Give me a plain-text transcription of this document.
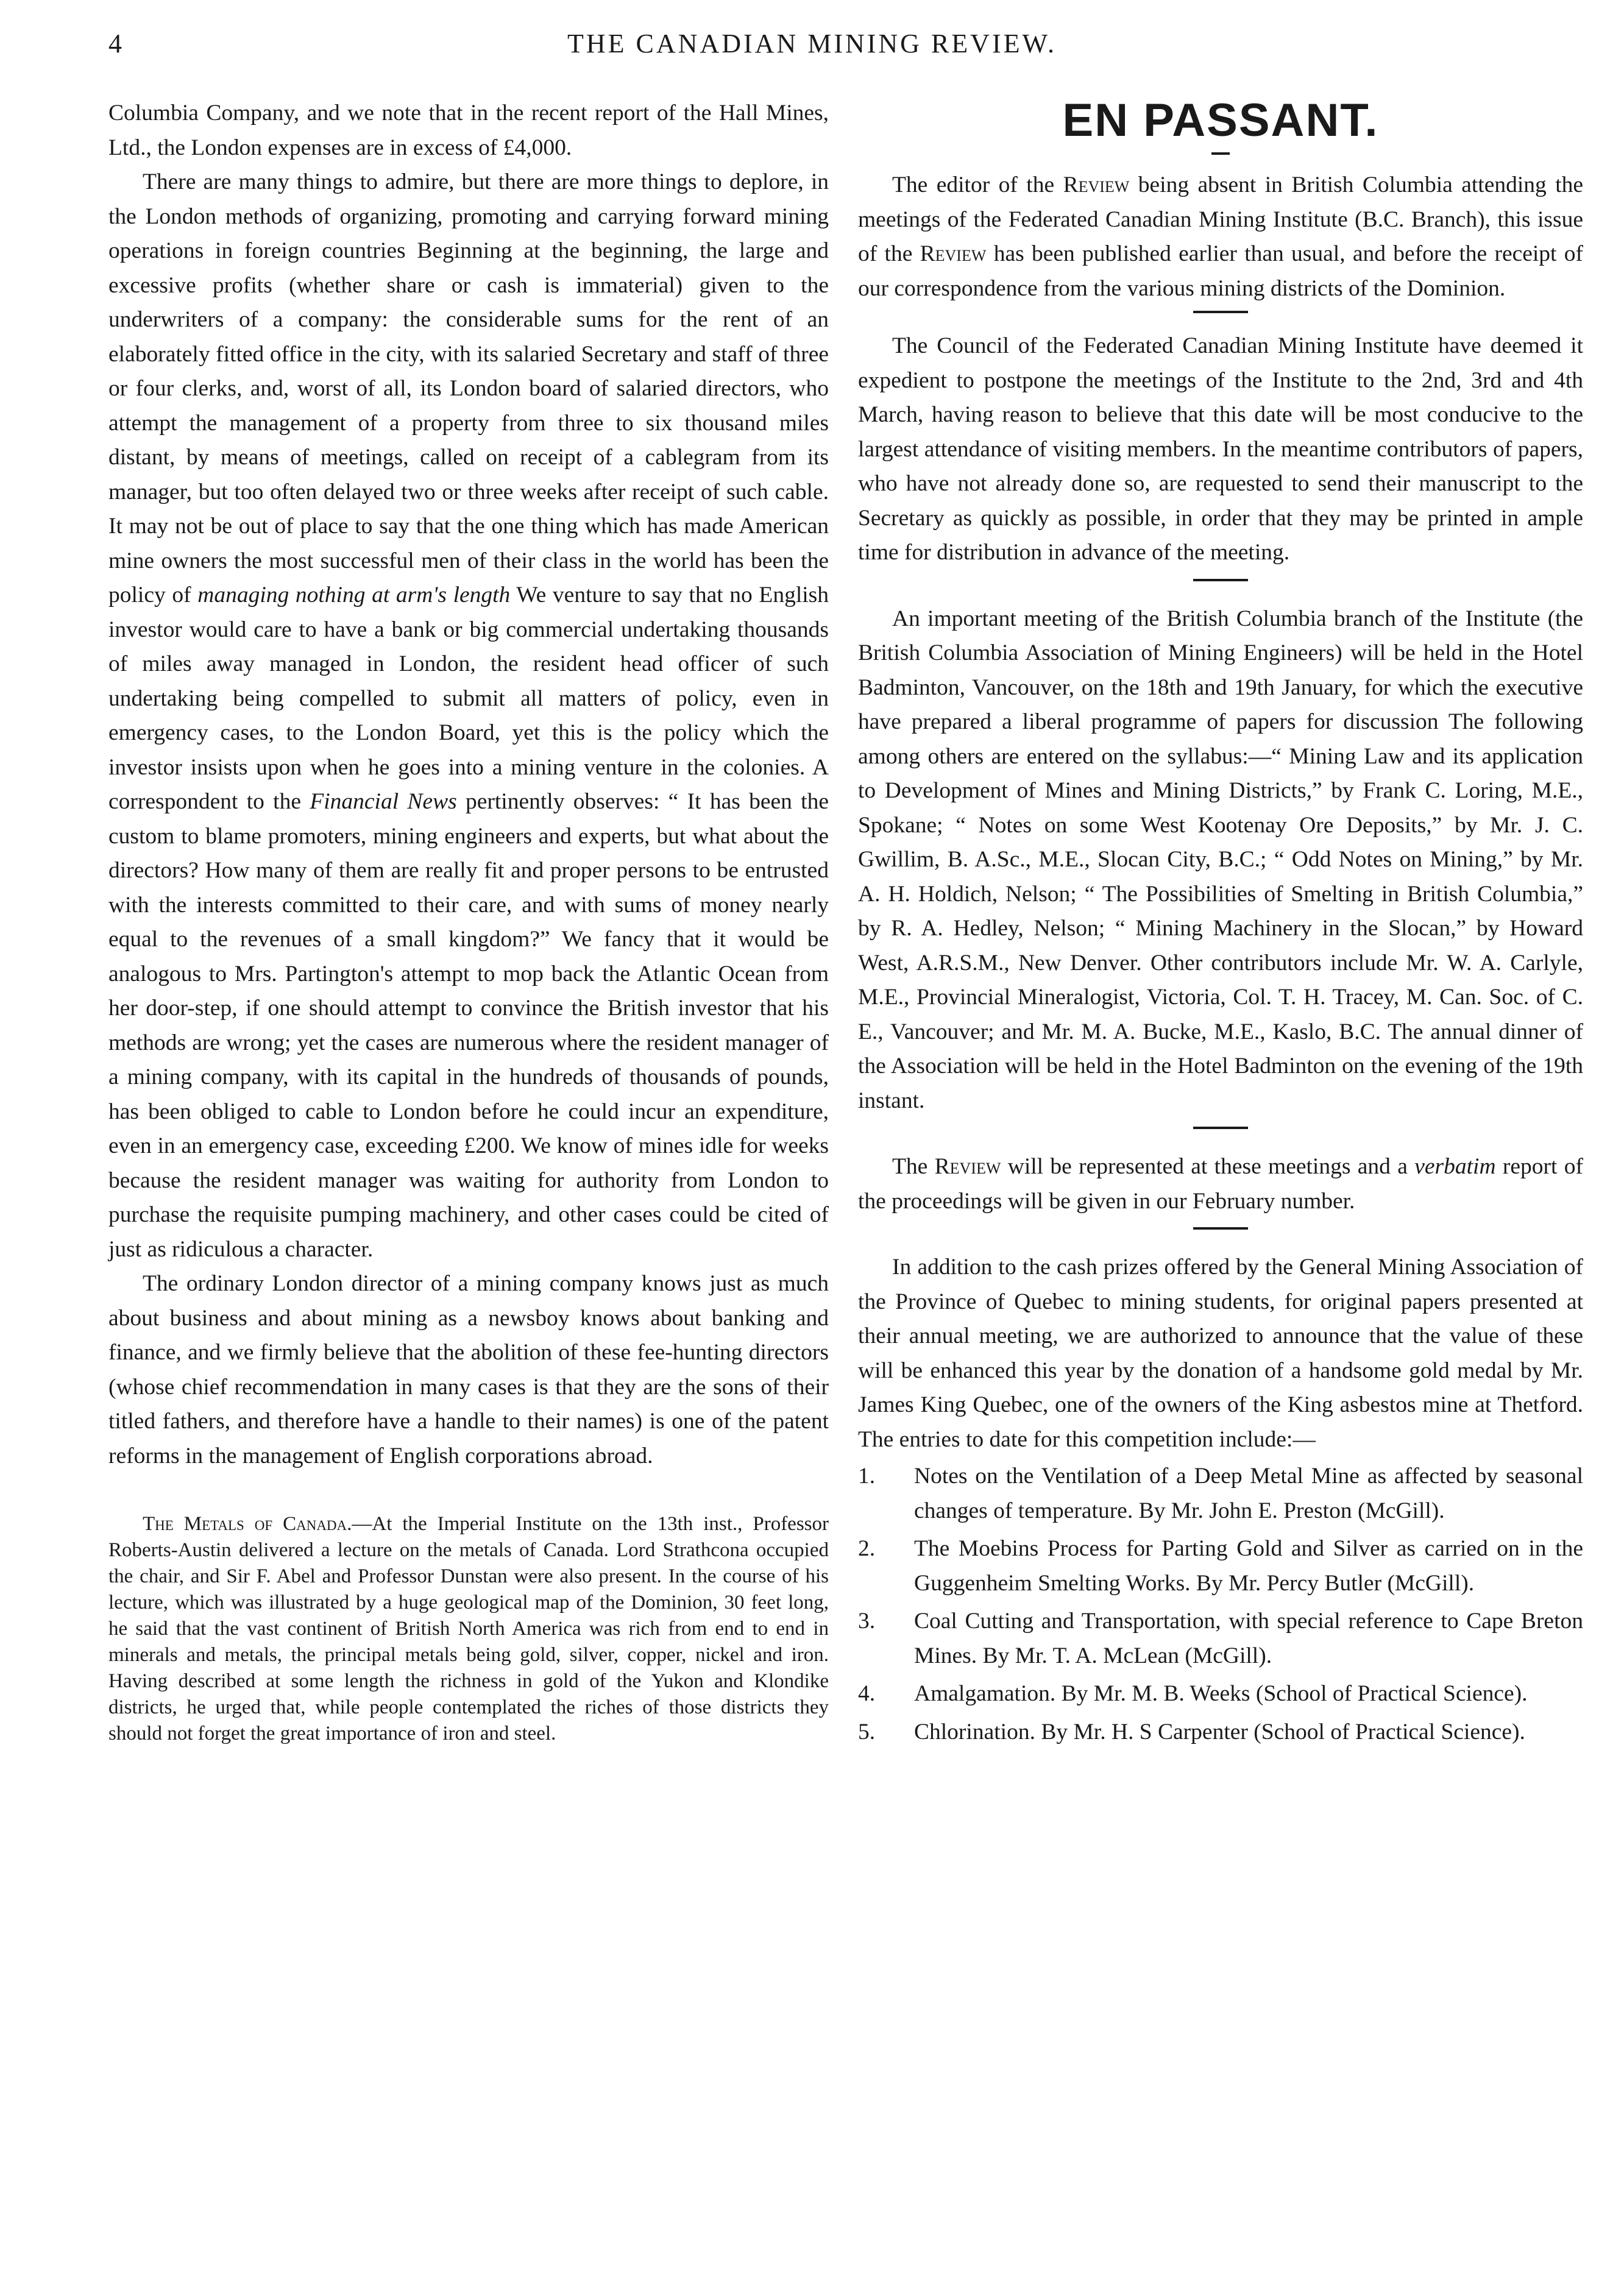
4	THE CANADIAN MINING REVIEW.

Columbia Company, and we note that in the recent report of the Hall Mines, Ltd., the London expenses are in excess of £4,000.

There are many things to admire, but there are more things to deplore, in the London methods of organizing, promoting and carrying forward mining operations in foreign countries Beginning at the beginning, the large and excessive profits (whether share or cash is immaterial) given to the underwriters of a company: the considerable sums for the rent of an elaborately fitted office in the city, with its salaried Secretary and staff of three or four clerks, and, worst of all, its London board of salaried directors, who attempt the management of a property from three to six thousand miles distant, by means of meetings, called on receipt of a cablegram from its manager, but too often delayed two or three weeks after receipt of such cable. It may not be out of place to say that the one thing which has made American mine owners the most successful men of their class in the world has been the policy of managing nothing at arm's length We venture to say that no English investor would care to have a bank or big commercial undertaking thousands of miles away managed in London, the resident head officer of such undertaking being compelled to submit all matters of policy, even in emergency cases, to the London Board, yet this is the policy which the investor insists upon when he goes into a mining venture in the colonies. A correspondent to the Financial News pertinently observes: “ It has been the custom to blame promoters, mining engineers and experts, but what about the directors? How many of them are really fit and proper persons to be entrusted with the interests committed to their care, and with sums of money nearly equal to the revenues of a small kingdom?” We fancy that it would be analogous to Mrs. Partington's attempt to mop back the Atlantic Ocean from her door-step, if one should attempt to convince the British investor that his methods are wrong; yet the cases are numerous where the resident manager of a mining company, with its capital in the hundreds of thousands of pounds, has been obliged to cable to London before he could incur an expenditure, even in an emergency case, exceeding £200. We know of mines idle for weeks because the resident manager was waiting for authority from London to purchase the requisite pumping machinery, and other cases could be cited of just as ridiculous a character.

The ordinary London director of a mining company knows just as much about business and about mining as a newsboy knows about banking and finance, and we firmly believe that the abolition of these fee-hunting directors (whose chief recommendation in many cases is that they are the sons of their titled fathers, and therefore have a handle to their names) is one of the patent reforms in the management of English corporations abroad.

The Metals of Canada.—At the Imperial Institute on the 13th inst., Professor Roberts-Austin delivered a lecture on the metals of Canada. Lord Strathcona occupied the chair, and Sir F. Abel and Professor Dunstan were also present. In the course of his lecture, which was illustrated by a huge geological map of the Dominion, 30 feet long, he said that the vast continent of British North America was rich from end to end in minerals and metals, the principal metals being gold, silver, copper, nickel and iron. Having described at some length the richness in gold of the Yukon and Klondike districts, he urged that, while people contemplated the riches of those districts they should not forget the great importance of iron and steel.

EN PASSANT.

The editor of the Review being absent in British Columbia attending the meetings of the Federated Canadian Mining Institute (B.C. Branch), this issue of the Review has been published earlier than usual, and before the receipt of our correspondence from the various mining districts of the Dominion.

The Council of the Federated Canadian Mining Institute have deemed it expedient to postpone the meetings of the Institute to the 2nd, 3rd and 4th March, having reason to believe that this date will be most conducive to the largest attendance of visiting members. In the meantime contributors of papers, who have not already done so, are requested to send their manuscript to the Secretary as quickly as possible, in order that they may be printed in ample time for distribution in advance of the meeting.

An important meeting of the British Columbia branch of the Institute (the British Columbia Association of Mining Engineers) will be held in the Hotel Badminton, Vancouver, on the 18th and 19th January, for which the executive have prepared a liberal programme of papers for discussion The following among others are entered on the syllabus:—“ Mining Law and its application to Development of Mines and Mining Districts,” by Frank C. Loring, M.E., Spokane; “ Notes on some West Kootenay Ore Deposits,” by Mr. J. C. Gwillim, B. A.Sc., M.E., Slocan City, B.C.; “ Odd Notes on Mining,” by Mr. A. H. Holdich, Nelson; “ The Possibilities of Smelting in British Columbia,” by R. A. Hedley, Nelson; “ Mining Machinery in the Slocan,” by Howard West, A.R.S.M., New Denver. Other contributors include Mr. W. A. Carlyle, M.E., Provincial Mineralogist, Victoria, Col. T. H. Tracey, M. Can. Soc. of C. E., Vancouver; and Mr. M. A. Bucke, M.E., Kaslo, B.C. The annual dinner of the Association will be held in the Hotel Badminton on the evening of the 19th instant.

The Review will be represented at these meetings and a verbatim report of the proceedings will be given in our February number.

In addition to the cash prizes offered by the General Mining Association of the Province of Quebec to mining students, for original papers presented at their annual meeting, we are authorized to announce that the value of these will be enhanced this year by the donation of a handsome gold medal by Mr. James King Quebec, one of the owners of the King asbestos mine at Thetford. The entries to date for this competition include:—

1. Notes on the Ventilation of a Deep Metal Mine as affected by seasonal changes of temperature. By Mr. John E. Preston (McGill).
2. The Moebins Process for Parting Gold and Silver as carried on in the Guggenheim Smelting Works. By Mr. Percy Butler (McGill).
3. Coal Cutting and Transportation, with special reference to Cape Breton Mines. By Mr. T. A. McLean (McGill).
4. Amalgamation. By Mr. M. B. Weeks (School of Practical Science).
5. Chlorination. By Mr. H. S Carpenter (School of Practical Science).
